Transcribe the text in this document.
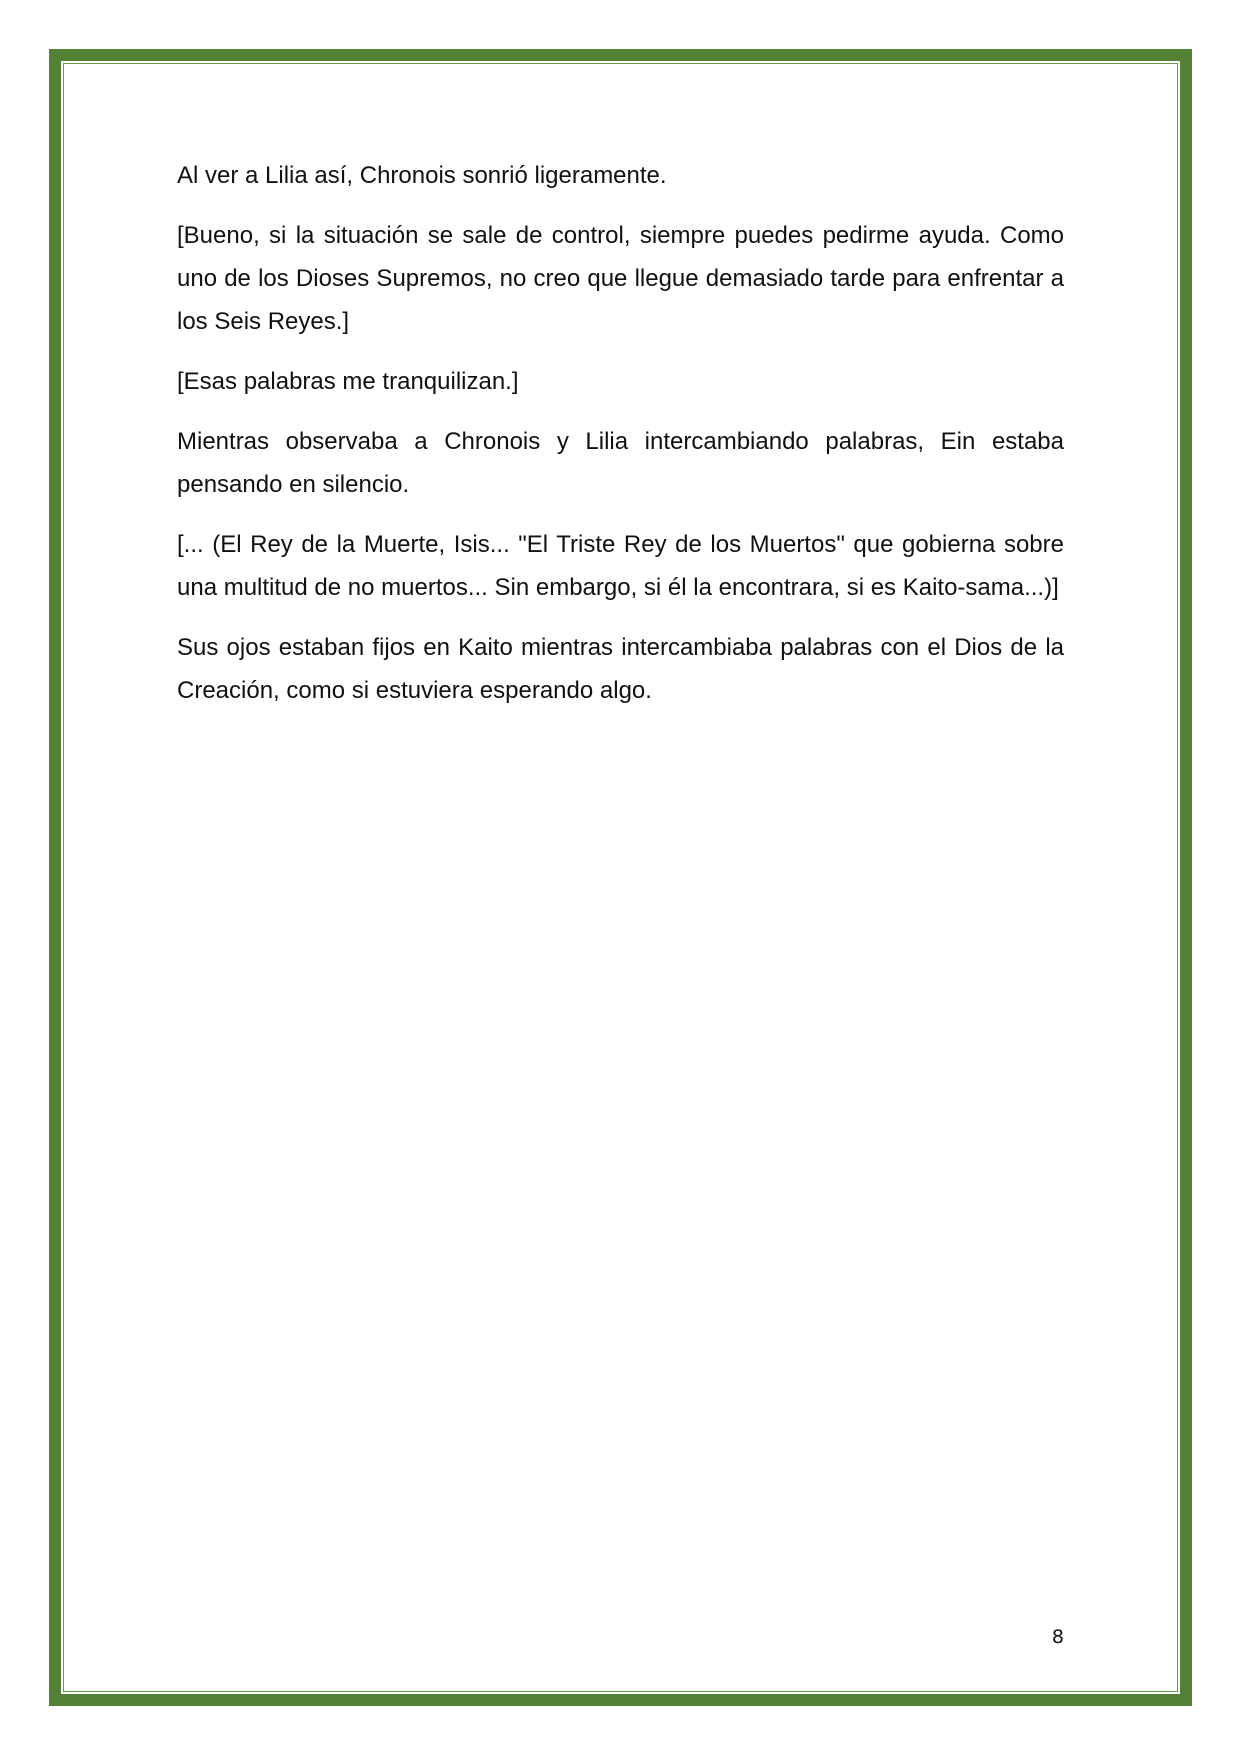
Al ver a Lilia así, Chronois sonrió ligeramente.

[Bueno, si la situación se sale de control, siempre puedes pedirme ayuda. Como uno de los Dioses Supremos, no creo que llegue demasiado tarde para enfrentar a los Seis Reyes.]

[Esas palabras me tranquilizan.]

Mientras observaba a Chronois y Lilia intercambiando palabras, Ein estaba pensando en silencio.

[... (El Rey de la Muerte, Isis... "El Triste Rey de los Muertos" que gobierna sobre una multitud de no muertos... Sin embargo, si él la encontrara, si es Kaito-sama...)]

Sus ojos estaban fijos en Kaito mientras intercambiaba palabras con el Dios de la Creación, como si estuviera esperando algo.

8
